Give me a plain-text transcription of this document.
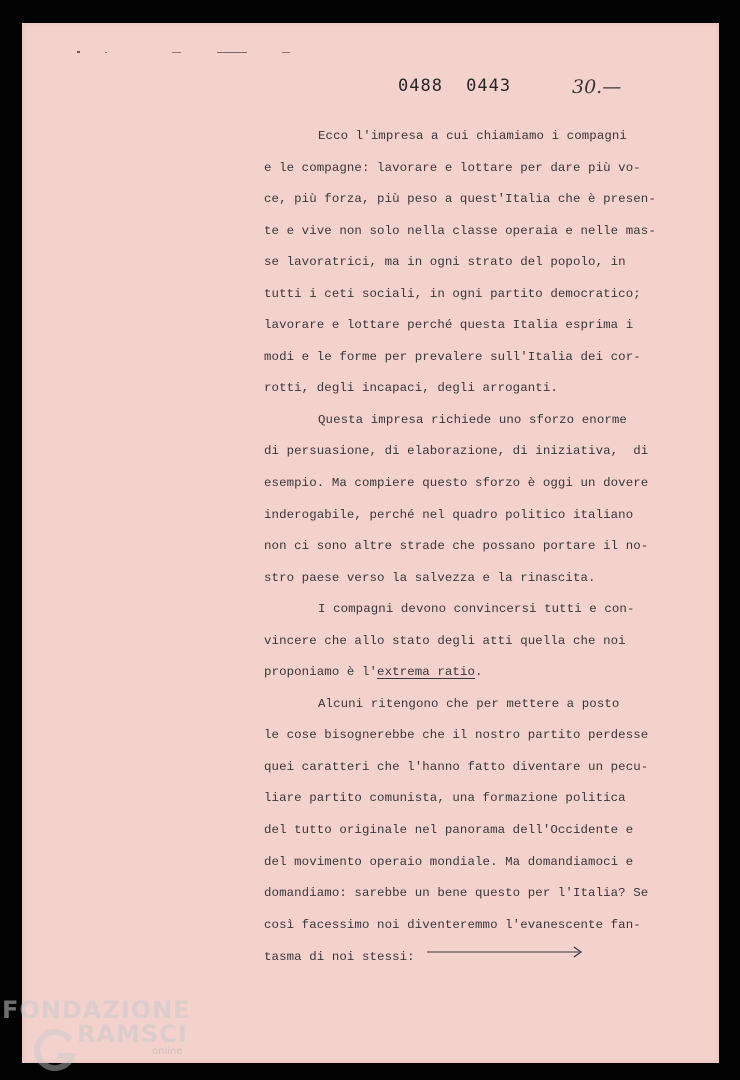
0488 0443	30.—
Ecco l'impresa a cui chiamiamo i compagni
e le compagne: lavorare e lottare per dare più vo-
ce, più forza, più peso a quest'Italia che è presen-
te e vive non solo nella classe operaia e nelle mas-
se lavoratrici, ma in ogni strato del popolo, in
tutti i ceti sociali, in ogni partito democratico;
lavorare e lottare perché questa Italia esprima i
modi e le forme per prevalere sull'Italia dei cor-
rotti, degli incapaci, degli arroganti.
Questa impresa richiede uno sforzo enorme
di persuasione, di elaborazione, di iniziativa,  di
esempio. Ma compiere questo sforzo è oggi un dovere
inderogabile, perché nel quadro politico italiano
non ci sono altre strade che possano portare il no-
stro paese verso la salvezza e la rinascita.
I compagni devono convincersi tutti e con-
vincere che allo stato degli atti quella che noi
proponiamo è l'extrema ratio.
Alcuni ritengono che per mettere a posto
le cose bisognerebbe che il nostro partito perdesse
quei caratteri che l'hanno fatto diventare un pecu-
liare partito comunista, una formazione politica
del tutto originale nel panorama dell'Occidente e
del movimento operaio mondiale. Ma domandiamoci e
domandiamo: sarebbe un bene questo per l'Italia? Se
così facessimo noi diventeremmo l'evanescente fan-
tasma di noi stessi:
FONDAZIONE
RAMSCI
online
